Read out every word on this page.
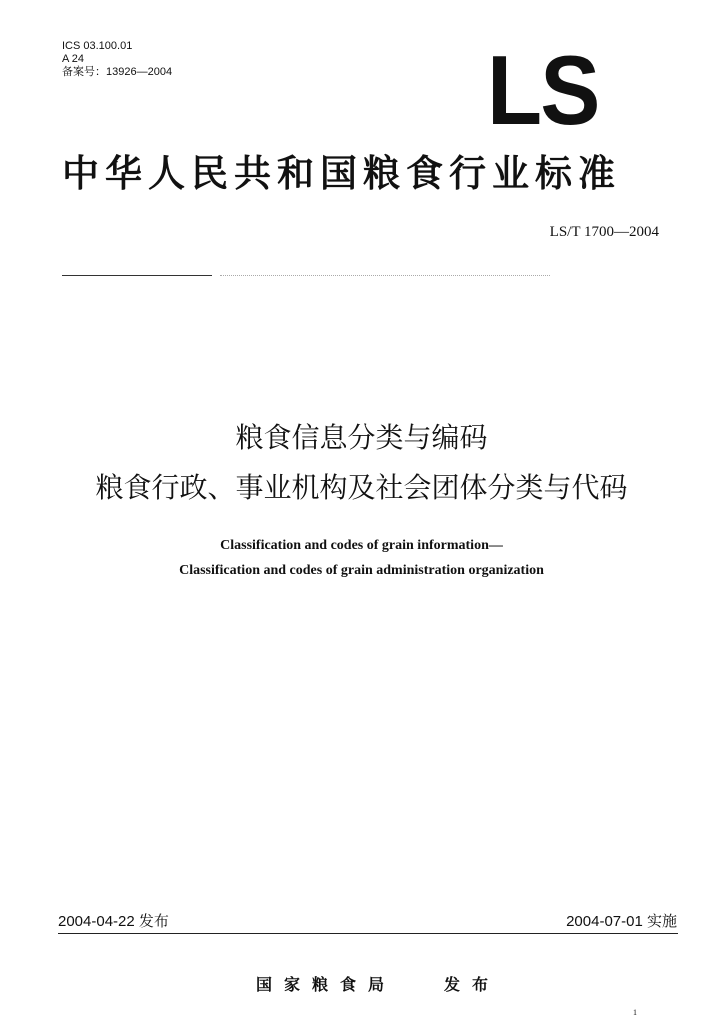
ICS 03.100.01
A 24
备案号：13926—2004	LS
中华人民共和国粮食行业标准
LS/T 1700—2004
粮食信息分类与编码
粮食行政、事业机构及社会团体分类与代码
Classification and codes of grain information—
Classification and codes of grain administration organization
2004-04-22 发布	2004-07-01 实施
国家粮食局	发布
1
